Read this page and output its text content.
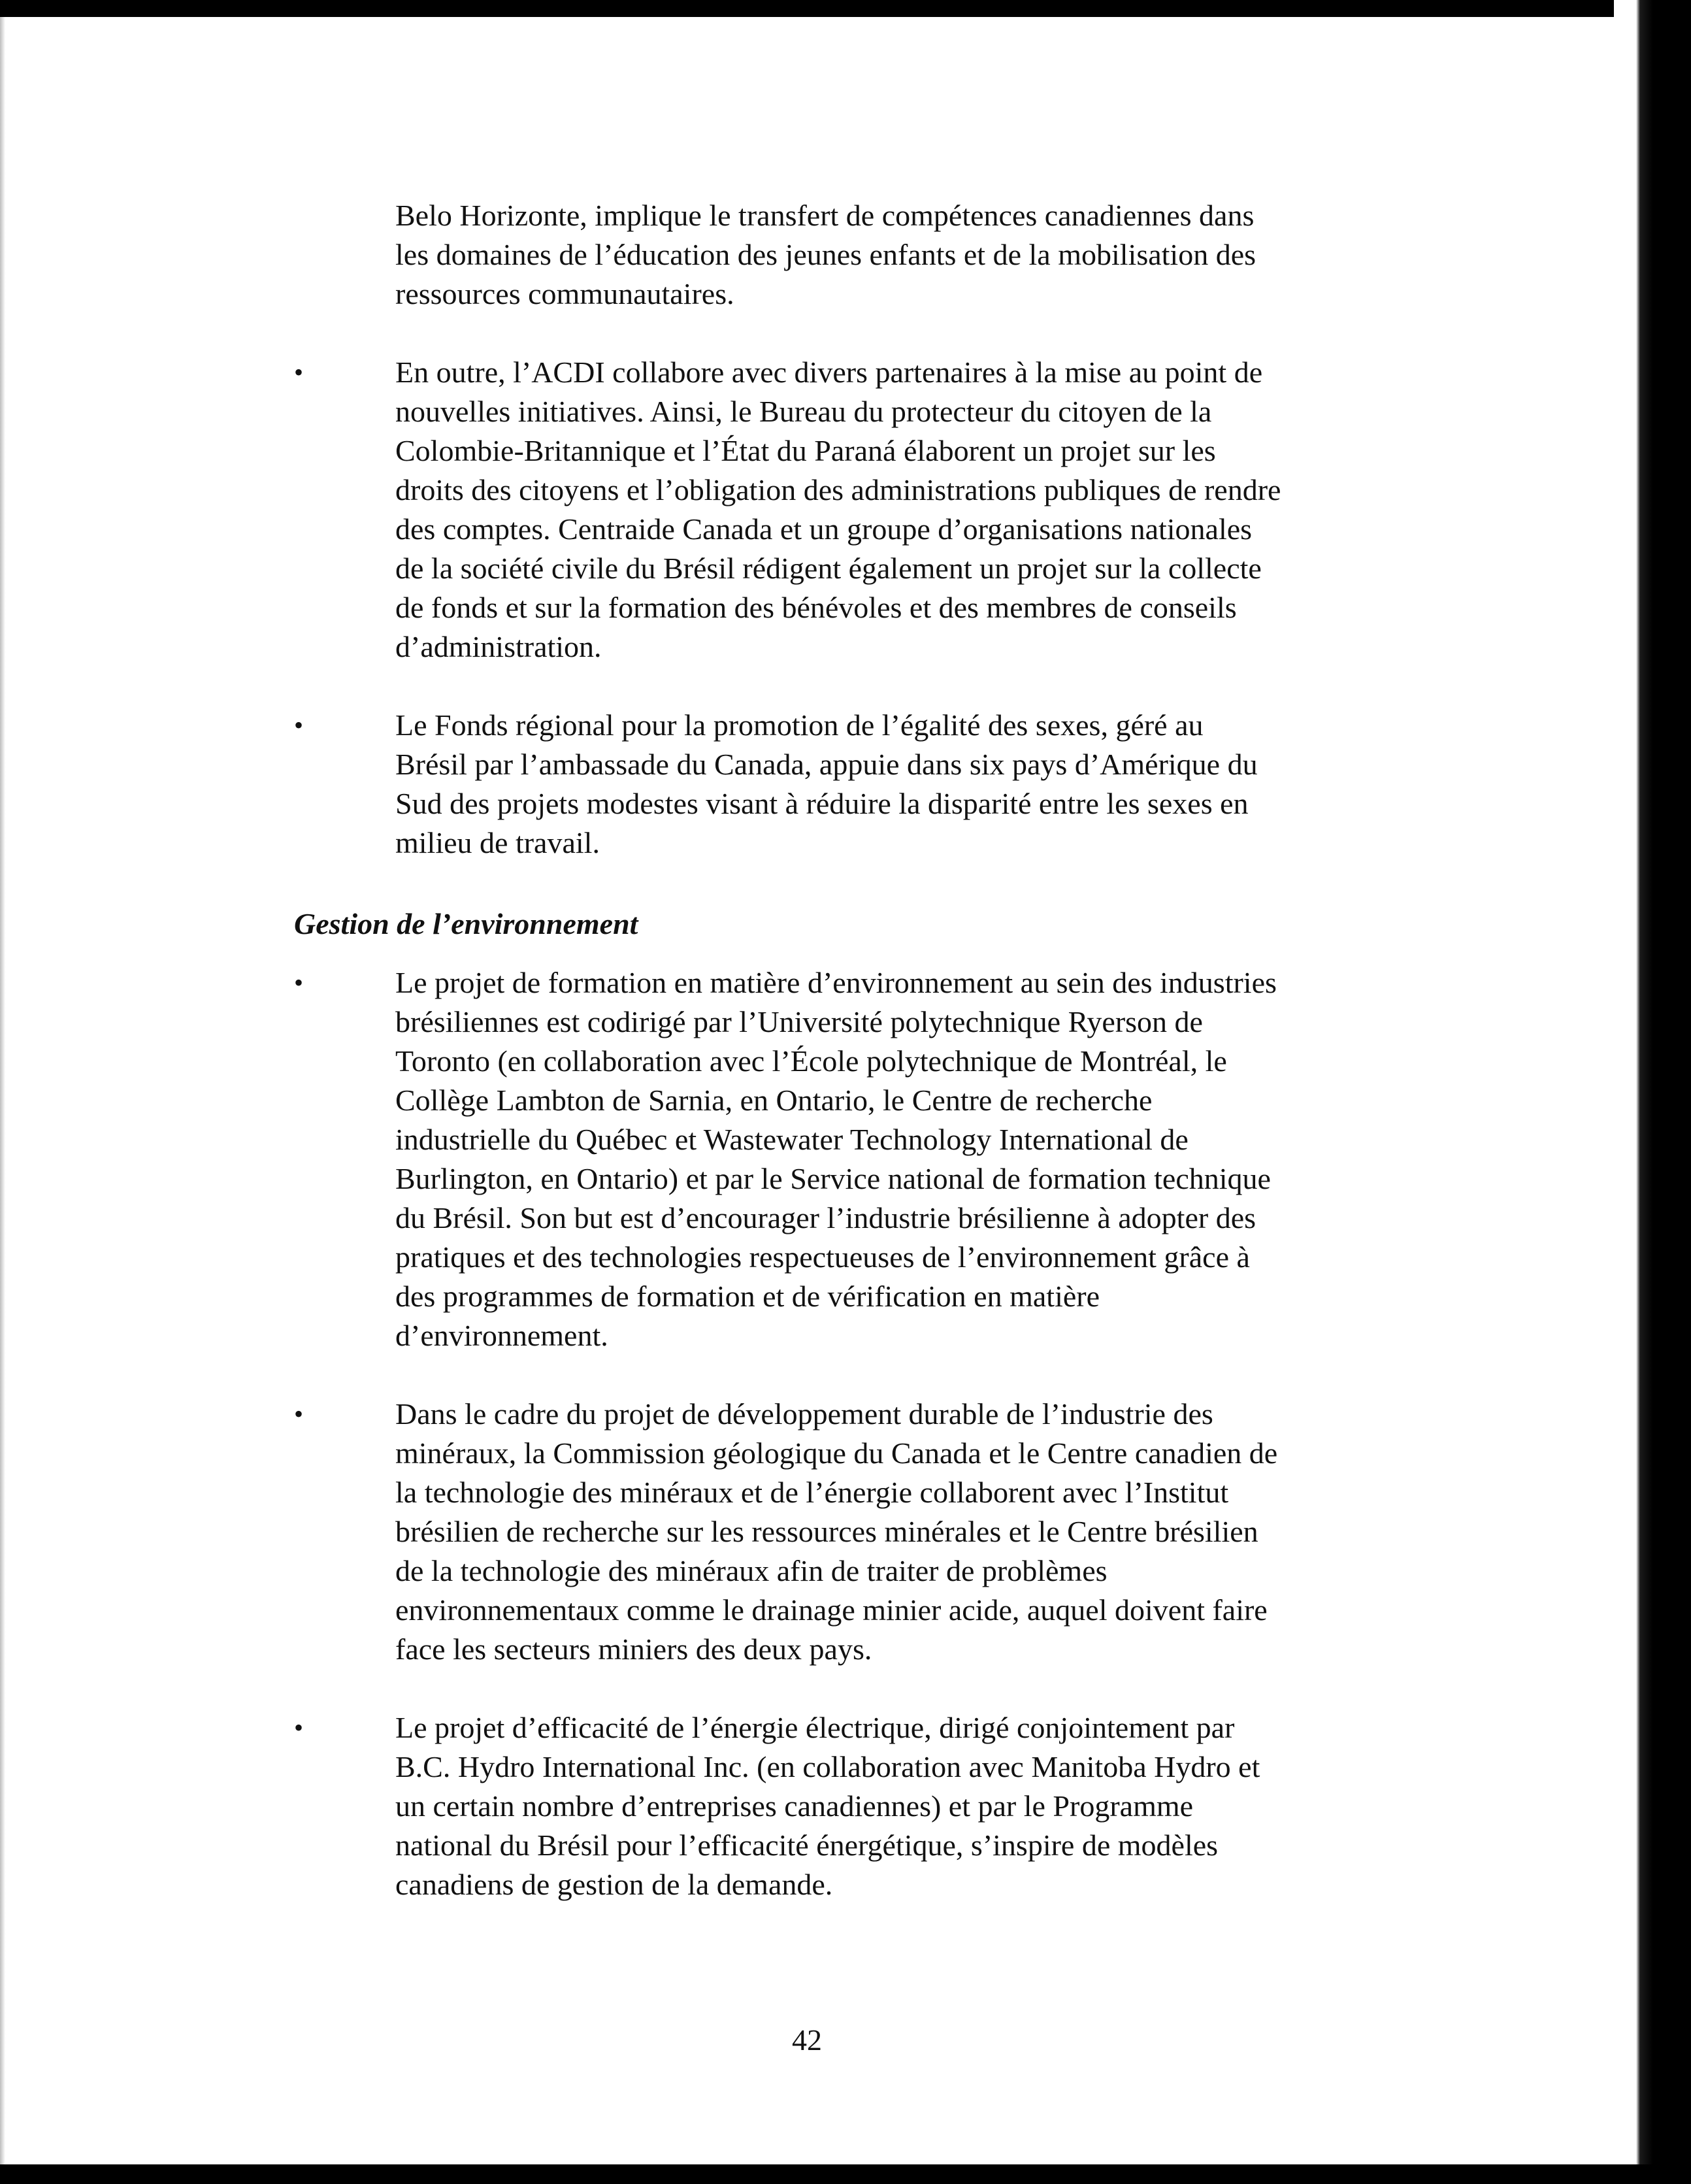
Belo Horizonte, implique le transfert de compétences canadiennes dans
les domaines de l’éducation des jeunes enfants et de la mobilisation des
ressources communautaires.
•	En outre, l’ACDI collabore avec divers partenaires à la mise au point de
nouvelles initiatives. Ainsi, le Bureau du protecteur du citoyen de la
Colombie-Britannique et l’État du Paraná élaborent un projet sur les
droits des citoyens et l’obligation des administrations publiques de rendre
des comptes. Centraide Canada et un groupe d’organisations nationales
de la société civile du Brésil rédigent également un projet sur la collecte
de fonds et sur la formation des bénévoles et des membres de conseils
d’administration.
•	Le Fonds régional pour la promotion de l’égalité des sexes, géré au
Brésil par l’ambassade du Canada, appuie dans six pays d’Amérique du
Sud des projets modestes visant à réduire la disparité entre les sexes en
milieu de travail.
Gestion de l’environnement
•	Le projet de formation en matière d’environnement au sein des industries
brésiliennes est codirigé par l’Université polytechnique Ryerson de
Toronto (en collaboration avec l’École polytechnique de Montréal, le
Collège Lambton de Sarnia, en Ontario, le Centre de recherche
industrielle du Québec et Wastewater Technology International de
Burlington, en Ontario) et par le Service national de formation technique
du Brésil. Son but est d’encourager l’industrie brésilienne à adopter des
pratiques et des technologies respectueuses de l’environnement grâce à
des programmes de formation et de vérification en matière
d’environnement.
•	Dans le cadre du projet de développement durable de l’industrie des
minéraux, la Commission géologique du Canada et le Centre canadien de
la technologie des minéraux et de l’énergie collaborent avec l’Institut
brésilien de recherche sur les ressources minérales et le Centre brésilien
de la technologie des minéraux afin de traiter de problèmes
environnementaux comme le drainage minier acide, auquel doivent faire
face les secteurs miniers des deux pays.
•	Le projet d’efficacité de l’énergie électrique, dirigé conjointement par
B.C. Hydro International Inc. (en collaboration avec Manitoba Hydro et
un certain nombre d’entreprises canadiennes) et par le Programme
national du Brésil pour l’efficacité énergétique, s’inspire de modèles
canadiens de gestion de la demande.
42
